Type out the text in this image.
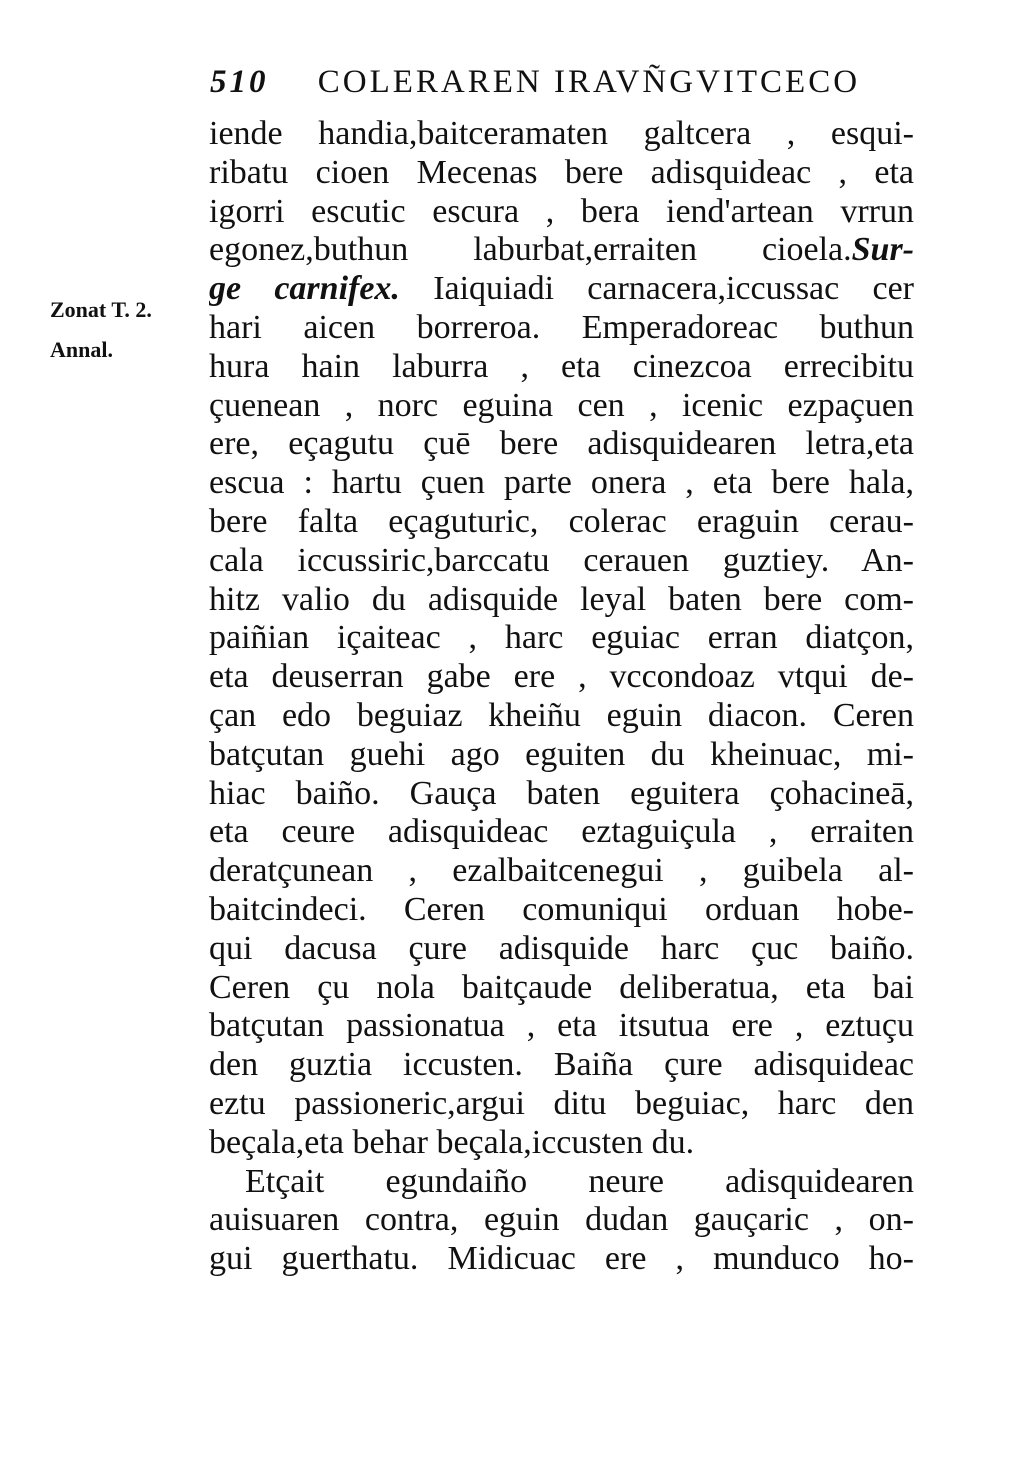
510 COLERAREN IRAVÑGVITCECO
Zonat T. 2.
Annal.
iende handia,baitceramaten galtcera , esqui-
ribatu cioen Mecenas bere adisquideac , eta
igorri escutic escura , bera iend'artean vrrun
egonez,buthun laburbat,erraiten cioela.Sur-
ge carnifex. Iaiquiadi carnacera,iccussac cer
hari aicen borreroa. Emperadoreac buthun
hura hain laburra , eta cinezcoa errecibitu
çuenean , norc eguina cen , icenic ezpaçuen
ere, eçagutu çuē bere adisquidearen letra,eta
escua : hartu çuen parte onera , eta bere hala,
bere falta eçaguturic, colerac eraguin cerau-
cala iccussiric,barccatu cerauen guztiey. An-
hitz valio du adisquide leyal baten bere com-
paiñian içaiteac , harc eguiac erran diatçon,
eta deuserran gabe ere , vccondoaz vtqui de-
çan edo beguiaz kheiñu eguin diacon. Ceren
batçutan guehi ago eguiten du kheinuac, mi-
hiac baiño. Gauça baten eguitera çohacineā,
eta ceure adisquideac eztaguiçula , erraiten
deratçunean , ezalbaitcenegui , guibela al-
baitcindeci. Ceren comuniqui orduan hobe-
qui dacusa çure adisquide harc çuc baiño.
Ceren çu nola baitçaude deliberatua, eta bai
batçutan passionatua , eta itsutua ere , eztuçu
den guztia iccusten. Baiña çure adisquideac
eztu passioneric,argui ditu beguiac, harc den
beçala,eta behar beçala,iccusten du.
Etçait egundaiño neure adisquidearen
auisuaren contra, eguin dudan gauçaric , on-
gui guerthatu. Midicuac ere , munduco ho-
